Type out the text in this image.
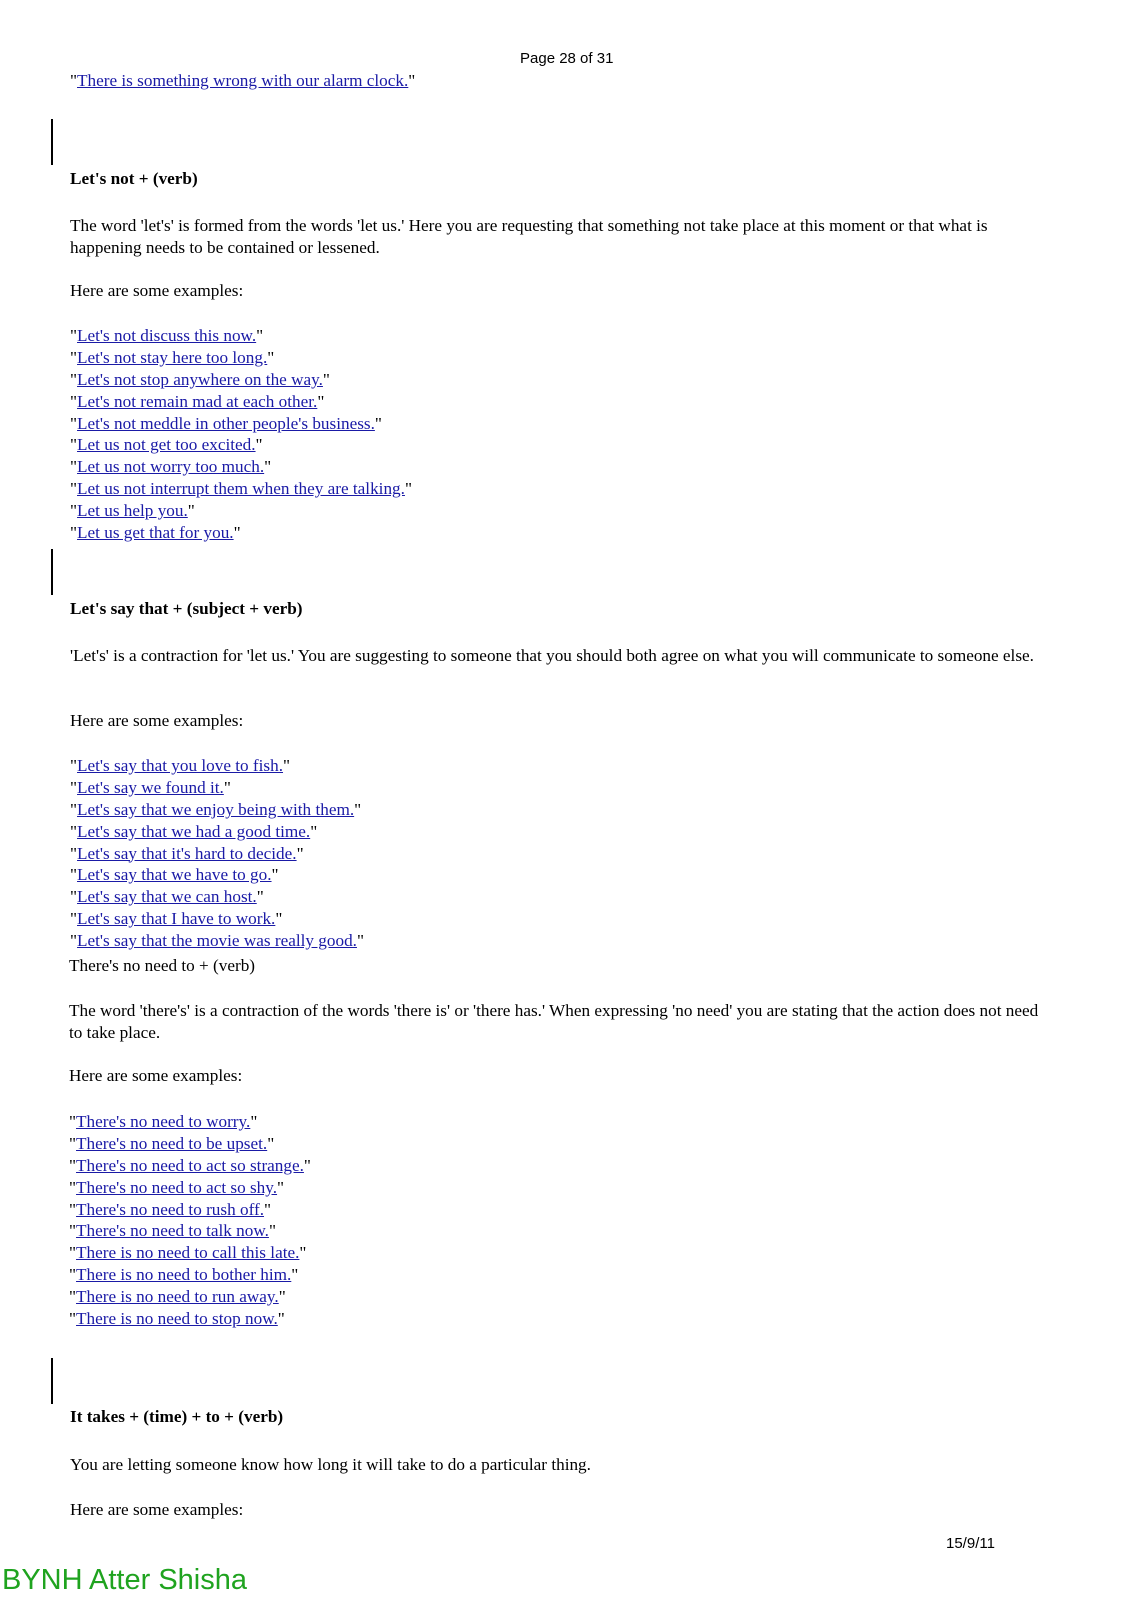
Page 28 of 31
"There is something wrong with our alarm clock."
Let's not + (verb)
The word 'let's' is formed from the words 'let us.' Here you are requesting that something not take place at this moment or that what is happening needs to be contained or lessened.
Here are some examples:
"Let's not discuss this now."
"Let's not stay here too long."
"Let's not stop anywhere on the way."
"Let's not remain mad at each other."
"Let's not meddle in other people's business."
"Let us not get too excited."
"Let us not worry too much."
"Let us not interrupt them when they are talking."
"Let us help you."
"Let us get that for you."
Let's say that + (subject + verb)
'Let's' is a contraction for 'let us.' You are suggesting to someone that you should both agree on what you will communicate to someone else.
Here are some examples:
"Let's say that you love to fish."
"Let's say we found it."
"Let's say that we enjoy being with them."
"Let's say that we had a good time."
"Let's say that it's hard to decide."
"Let's say that we have to go."
"Let's say that we can host."
"Let's say that I have to work."
"Let's say that the movie was really good."
There's no need to + (verb)
The word 'there's' is a contraction of the words 'there is' or 'there has.' When expressing 'no need' you are stating that the action does not need to take place.
Here are some examples:
"There's no need to worry."
"There's no need to be upset."
"There's no need to act so strange."
"There's no need to act so shy."
"There's no need to rush off."
"There's no need to talk now."
"There is no need to call this late."
"There is no need to bother him."
"There is no need to run away."
"There is no need to stop now."
It takes + (time) + to + (verb)
You are letting someone know how long it will take to do a particular thing.
Here are some examples:
15/9/11
BYNH Atter Shisha
